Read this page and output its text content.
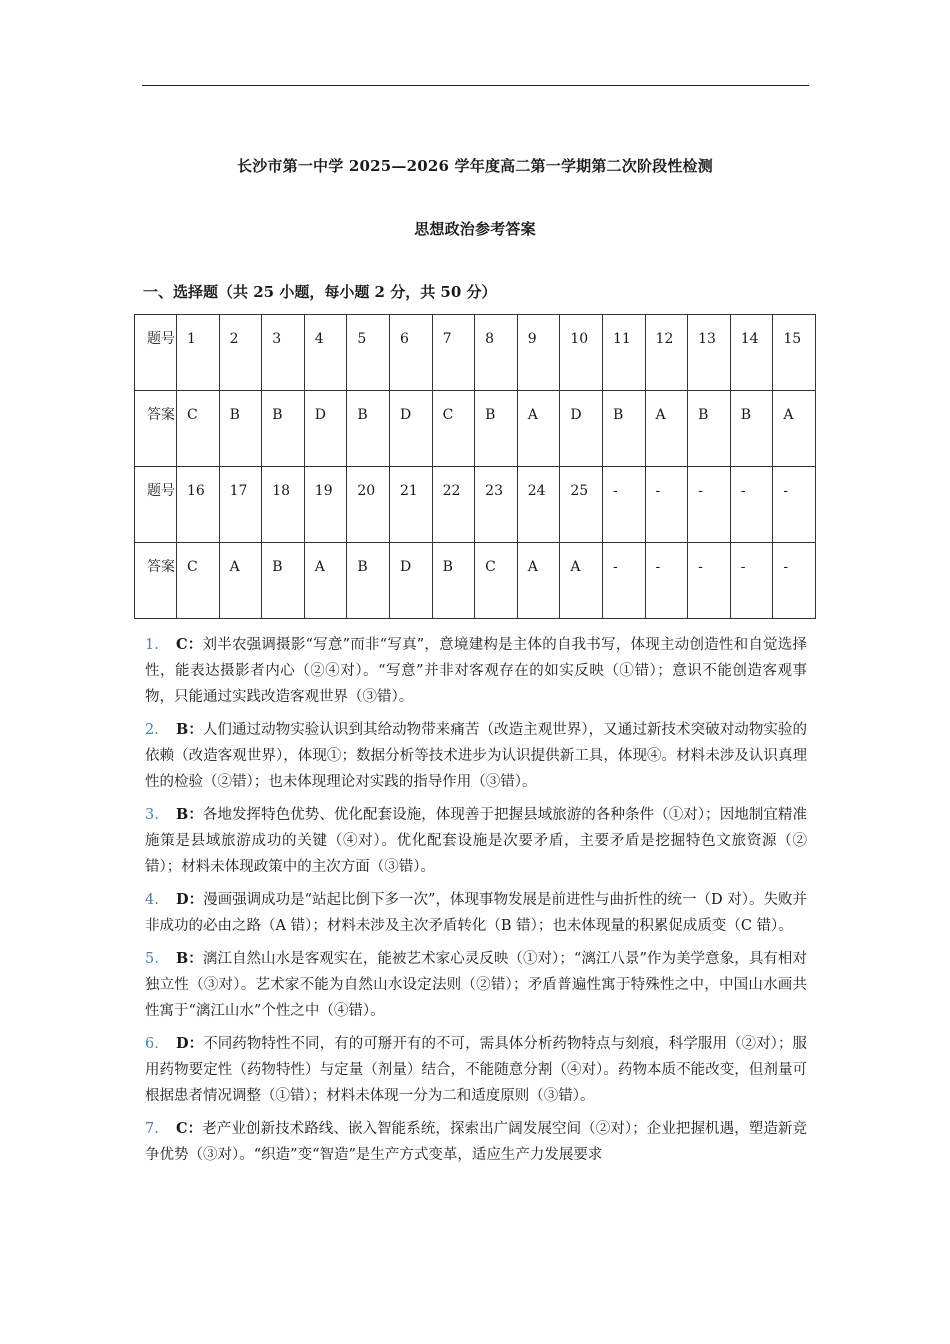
长沙市第一中学 2025—2026 学年度高二第一学期第二次阶段性检测
思想政治参考答案
一、选择题（共 25 小题，每小题 2 分，共 50 分）
题号	1	2	3	4	5	6	7	8	9	10	11	12	13	14	15
答案	C	B	B	D	B	D	C	B	A	D	B	A	B	B	A
题号	16	17	18	19	20	21	22	23	24	25	-	-	-	-	-
答案	C	A	B	A	B	D	B	C	A	A	-	-	-	-	-
1. C：刘半农强调摄影“写意”而非“写真”，意境建构是主体的自我书写，体现主动创造性和自觉选择性，能表达摄影者内心（②④对）。“写意”并非对客观存在的如实反映（①错）；意识不能创造客观事物，只能通过实践改造客观世界（③错）。
2. B：人们通过动物实验认识到其给动物带来痛苦（改造主观世界），又通过新技术突破对动物实验的依赖（改造客观世界），体现①；数据分析等技术进步为认识提供新工具，体现④。材料未涉及认识真理性的检验（②错）；也未体现理论对实践的指导作用（③错）。
3. B：各地发挥特色优势、优化配套设施，体现善于把握县域旅游的各种条件（①对）；因地制宜精准施策是县域旅游成功的关键（④对）。优化配套设施是次要矛盾，主要矛盾是挖掘特色文旅资源（②错）；材料未体现政策中的主次方面（③错）。
4. D：漫画强调成功是“站起比倒下多一次”，体现事物发展是前进性与曲折性的统一（D 对）。失败并非成功的必由之路（A 错）；材料未涉及主次矛盾转化（B 错）；也未体现量的积累促成质变（C 错）。
5. B：漓江自然山水是客观实在，能被艺术家心灵反映（①对）；“漓江八景”作为美学意象，具有相对独立性（③对）。艺术家不能为自然山水设定法则（②错）；矛盾普遍性寓于特殊性之中，中国山水画共性寓于“漓江山水”个性之中（④错）。
6. D：不同药物特性不同，有的可掰开有的不可，需具体分析药物特点与刻痕，科学服用（②对）；服用药物要定性（药物特性）与定量（剂量）结合，不能随意分割（④对）。药物本质不能改变，但剂量可根据患者情况调整（①错）；材料未体现一分为二和适度原则（③错）。
7. C：老产业创新技术路线、嵌入智能系统，探索出广阔发展空间（②对）；企业把握机遇，塑造新竞争优势（③对）。“织造”变“智造”是生产方式变革，适应生产力发展要求
